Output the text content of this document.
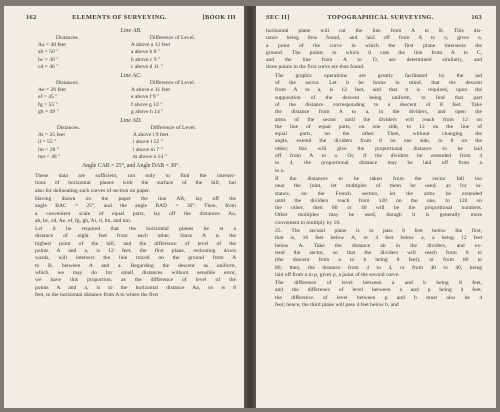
162	ELEMENTS OF SURVEYING.	[BOOK III
Line AB.
Distances.	Difference of Level.
Aa = 40 feet	A above a 12 feet
ab = 50 "	a above b 8 "
bc = 30 "	b above c 9 "
cd = 46 "	c above d 11 "
Line AC.
Distances.	Difference of Level.
Ae = 28 feet	A above e 11 feet
ef = 45 "	e above f 9 "
fg = 55 "	f above g 12 "
gh = 49 "	g above h 14 "
Line AD.
Distances.	Difference of Level.
Ai = 25 feet	A above i 9 feet
il = 55 "	i above l 12 "
lm = 28 "	l above m 7 "
mn = 48 "	m above n 14 "
Angle CAB = 25°, and Angle DAB = 30°.

These data are sufficient, not only to find the intersec-
tions of horizontal planes with the surface of the hill, but
also for delineating such curves of section on paper.

Having drawn on the paper the line AB, lay off the
angle BAC = 25°, and the angle BAD = 30°. Then, from
a convenient scale of equal parts, lay off the distances Aa,
ab, bc, cd, Ae, ef, fg, gh, Ai, il, lm, and mn.

Let it be required that the horizontal planes be at a
distance of eight feet from each other. Since A is the
highest point of the hill, and the difference of level of the
points A and a, is 12 feet, the first plane, reckoning down
wards, will intersect the line traced on the ground from A
to B, between A and a. Regarding the descent as uniform,
which we may do for small distances without sensible error,
we have this proportion; as the difference of level of the
points A and a, is to the horizontal distance Aa, so is 8
feet, to the horizontal distance from A to where the first

SEC II]	TOPOGRAPHICAL SURVEYING.	163

horizontal plane will cut the line from A to B. This dis-
tance being thus found, and laid off from A to o, gives o,
a point of the curve in which the first plane intersects the
ground. The points in which it cuts the line from A to C,
and the line from A to D, are determined similarly, and
three points in the first curve are thus found.

The graphic operations are greatly facilitated by the aid
of the sector. Let it be borne in mind, that the descent
from A to a, is 12 feet, and that it is required, upon the
supposition of the descent being uniform, to find that part
of the distance corresponding to a descent of 8 feet. Take
the distance from A to a, in the dividers, and open the
arms of the sector until the dividers will reach from 12 on
the line of equal parts, on one side, to 12 on the line of
equal parts, on the other. Then, without changing the
angle, extend the dividers from 8 on one side, to 8 on the
other; this will give the proportional distance to be laid
off from A to o. Or, if the dividers be extended from 4
to 4, the proportional distance may be laid off from a
to o.

If the distances to be taken from the sector fall too
near the joint, let multiples of them be used; as for in-
stance, on the French sectors, let the arms be extended
until the dividers reach from 120 on the one, to 120 on
the other, then 80 or 40 will be the proportional numbers.
Other multiples may be used, though it is generally more
convenient to multiply by 10.

25. The second plane is to pass 8 feet below the first,
that is, 16 feet below A, or 4 feet below a, a being 12 feet
below A. Take the distance ab in the dividers, and ex-
tend the sector, so that the dividers will reach from 8 to
(the descent from a to b being 8 feet), or from 80 to
80; then, the distance from 4 to 4, or from 40 to 40, being
laid off from a to p, gives p, a point of the second curve.

The difference of level between a and b being 8 feet,
and the difference of level between a and p being 4 feet,
the difference of level between p and b must also be 4
feet; hence, the third plane will pass 4 feet below b, and
